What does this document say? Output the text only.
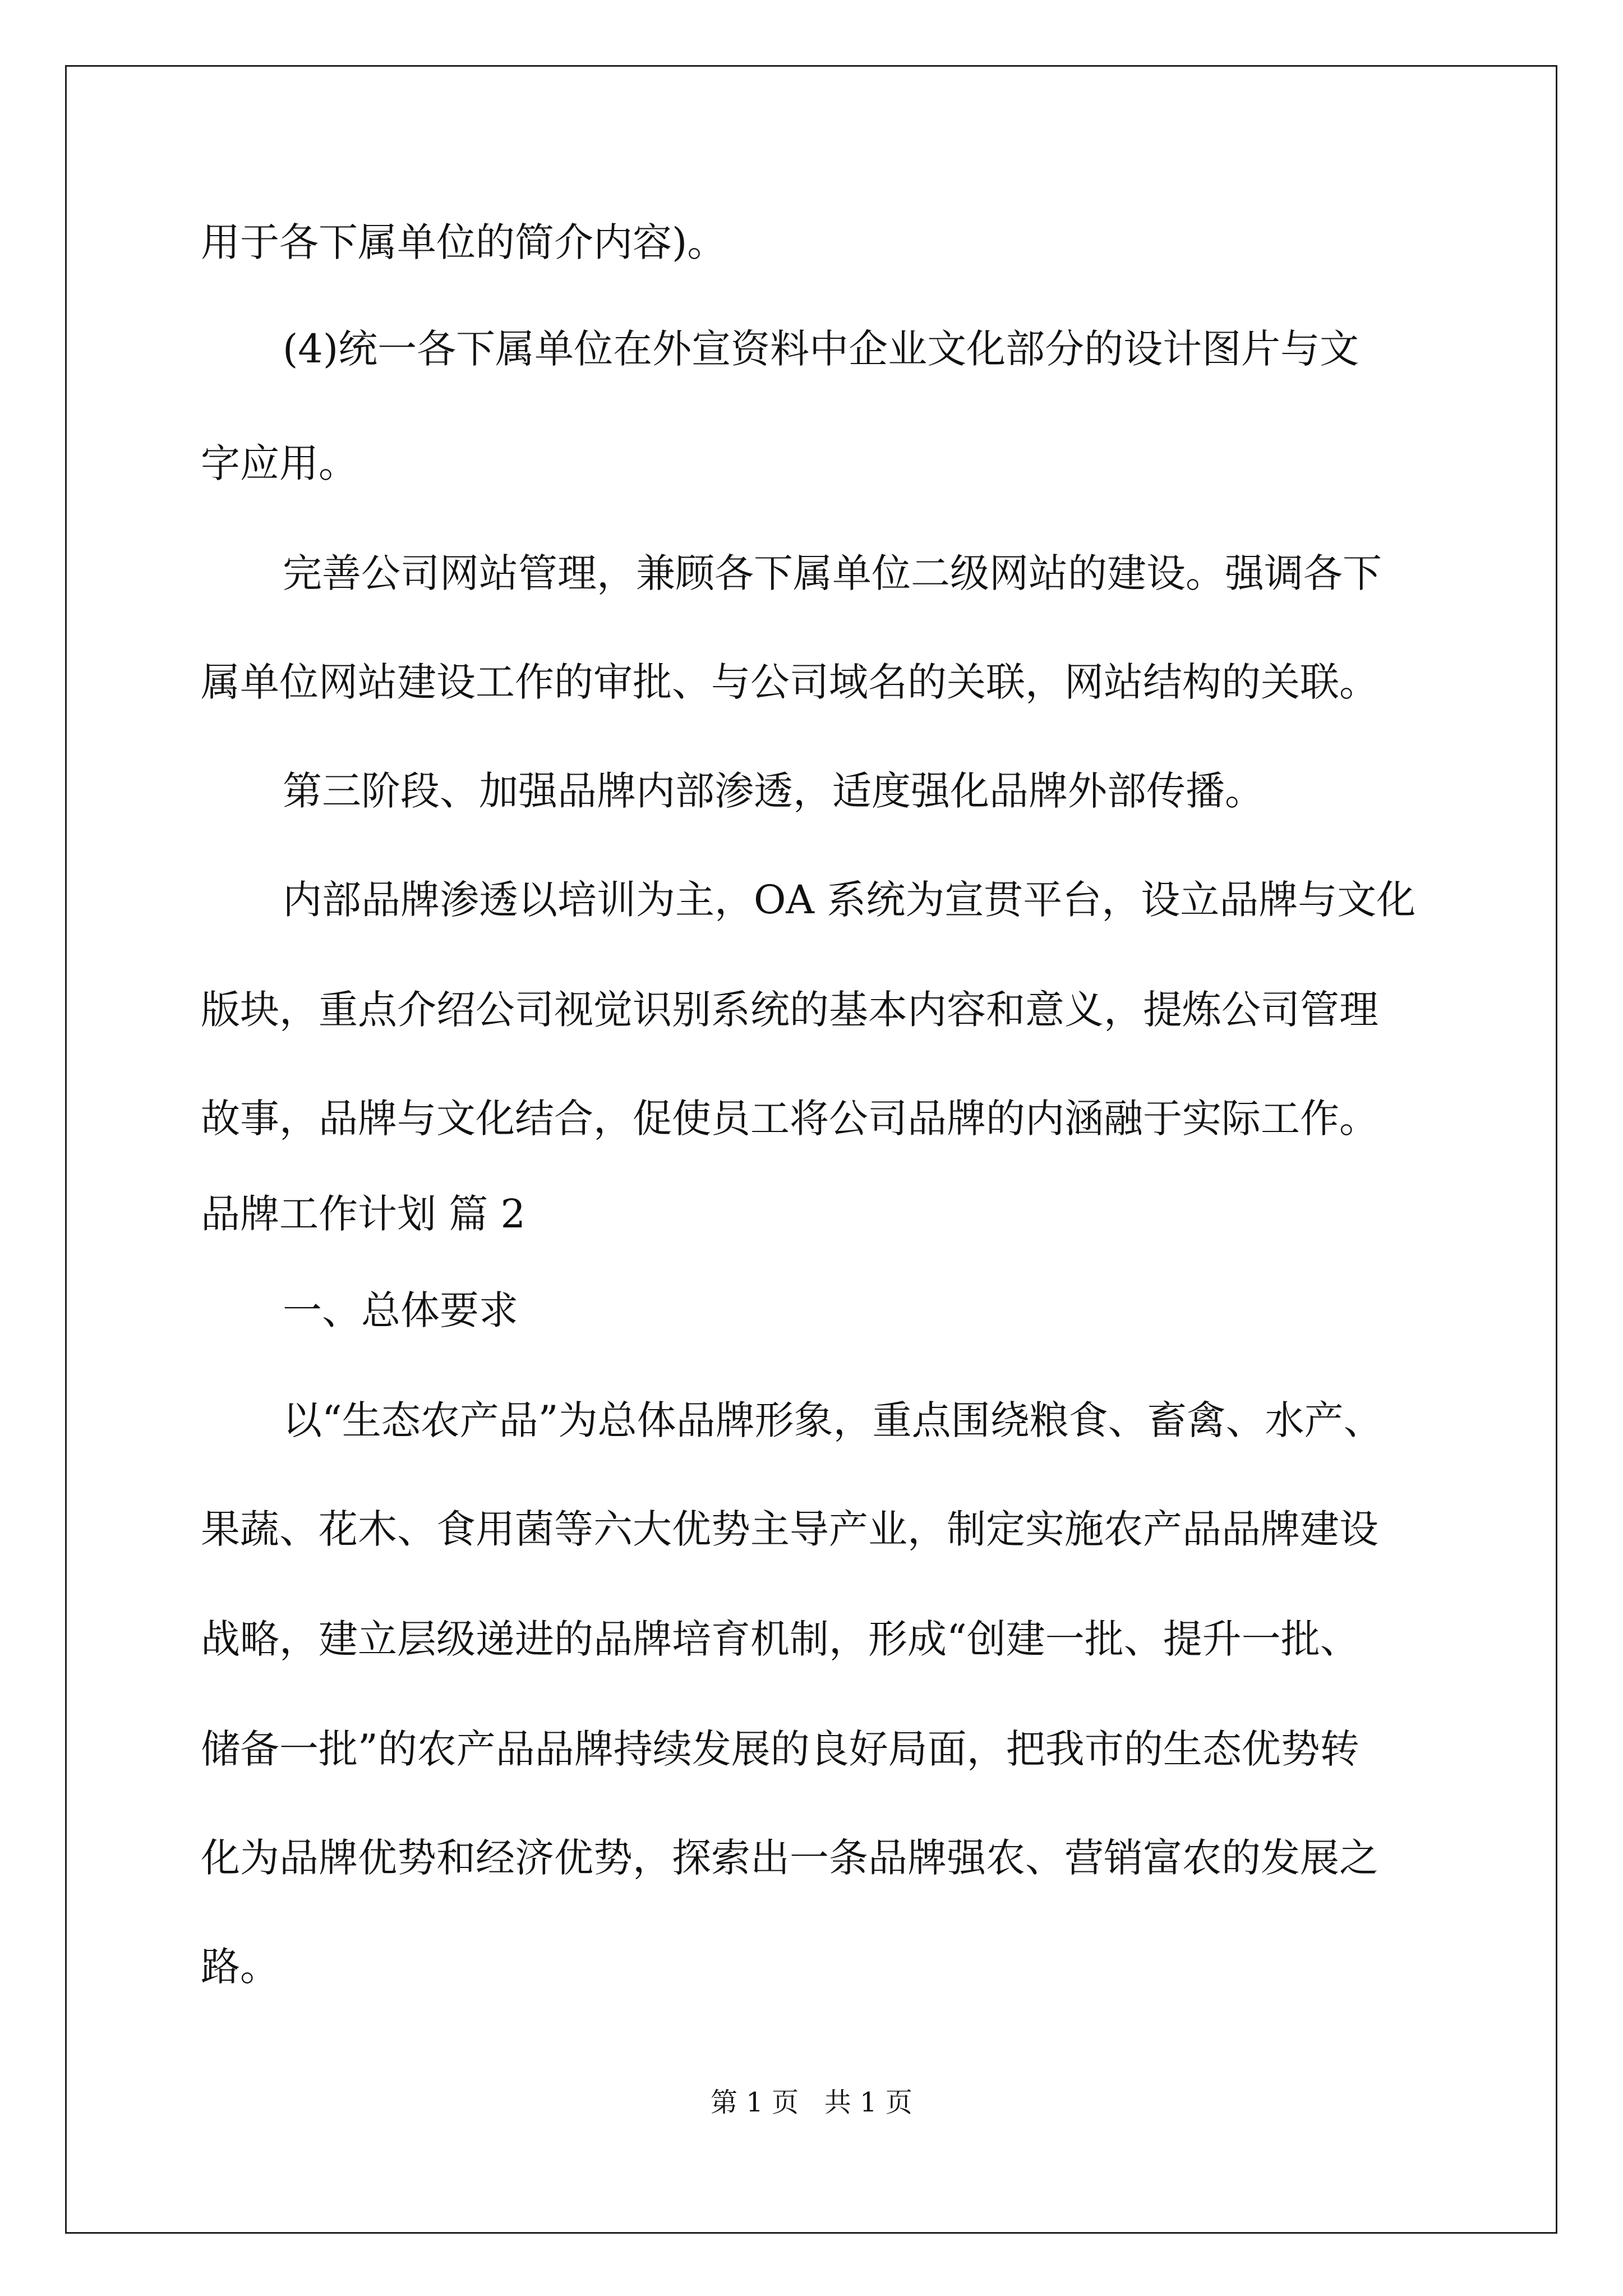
用于各下属单位的简介内容)。

(4)统一各下属单位在外宣资料中企业文化部分的设计图片与文

字应用。

完善公司网站管理，兼顾各下属单位二级网站的建设。强调各下

属单位网站建设工作的审批、与公司域名的关联，网站结构的关联。

第三阶段、加强品牌内部渗透，适度强化品牌外部传播。

内部品牌渗透以培训为主，OA 系统为宣贯平台，设立品牌与文化

版块，重点介绍公司视觉识别系统的基本内容和意义，提炼公司管理

故事，品牌与文化结合，促使员工将公司品牌的内涵融于实际工作。

品牌工作计划 篇 2

一、总体要求

以“生态农产品”为总体品牌形象，重点围绕粮食、畜禽、水产、

果蔬、花木、食用菌等六大优势主导产业，制定实施农产品品牌建设

战略，建立层级递进的品牌培育机制，形成“创建一批、提升一批、

储备一批”的农产品品牌持续发展的良好局面，把我市的生态优势转

化为品牌优势和经济优势，探索出一条品牌强农、营销富农的发展之

路。

第 1 页   共 1 页
